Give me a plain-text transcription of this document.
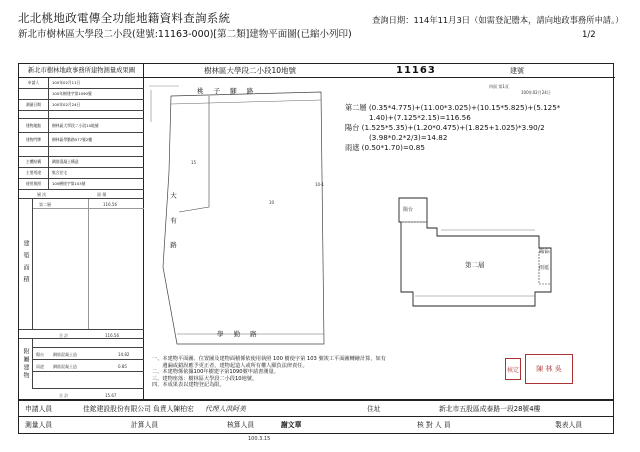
北北桃地政電傳全功能地籍資料查詢系統
新北市樹林區大學段二小段(建號:11163-000)[第二類]建物平面圖(已縮小列印)
查詢日期：114年11月3日（如需登記謄本，請向地政事務所申請。）
1/2
新北市樹林地政事務所建物測量成果圖
申請人	100年02月11日
100年樹建字第1090號
測量日期	100年02月24日
建物地點	樹林區大學段二小段10地號
建物門牌	樹林區學勤路577號2樓
主體結構	鋼筋混凝土構造
主要用途	集合住宅
使用執照	100樹使字第103號
層 次	面 積
建築面積
第二層	116.56
合 計	116.56
附屬建物	陽台 鋼筋混凝土造	14.82
雨遮 鋼筋混凝土造	0.85
合 計	15.67
樹林區大學段二小段10地號	11163	建號
桃 子 腳 路
大 有 路
學 勤 路
10
15
10-1
100年02月24日
四面 第1頁
第二層 (0.35*4.775)+(11.00*3.025)+(10.15*5.825)+(5.125*
1.40)+(7.125*2.15)=116.56
陽台 (1.525*5.35)+(1.20*0.475)+(1.825+1.025)*3.90/2
(3.98*0.2*2/3)=14.82
雨遮 (0.50*1.70)=0.85
第二層
陽台
陽台
雨遮
核定	陳 林 吳
一、本建物平面圖、位置圖及建物面積係依使用執照 100 樹使字第 103 號竣工平面圖轉繪計算，如有
　　遺漏或錯誤應予更正者，建物起造人或所有權人願負法律責任。
二、本建物係依據100年樹建字第1090號申請書測量。
三、建物座落：樹林區大學段二小段10地號。
四、本成果表以建物登記為限。
申請人員	佳鋐建設股份有限公司 負責人陳柏宏 代理人洪阿美	住址	新北市五股區成泰路一段28號4樓
測量人員	計算人員	核算人員	謝文華	核 對 人 員	製表人員
100.3.15
